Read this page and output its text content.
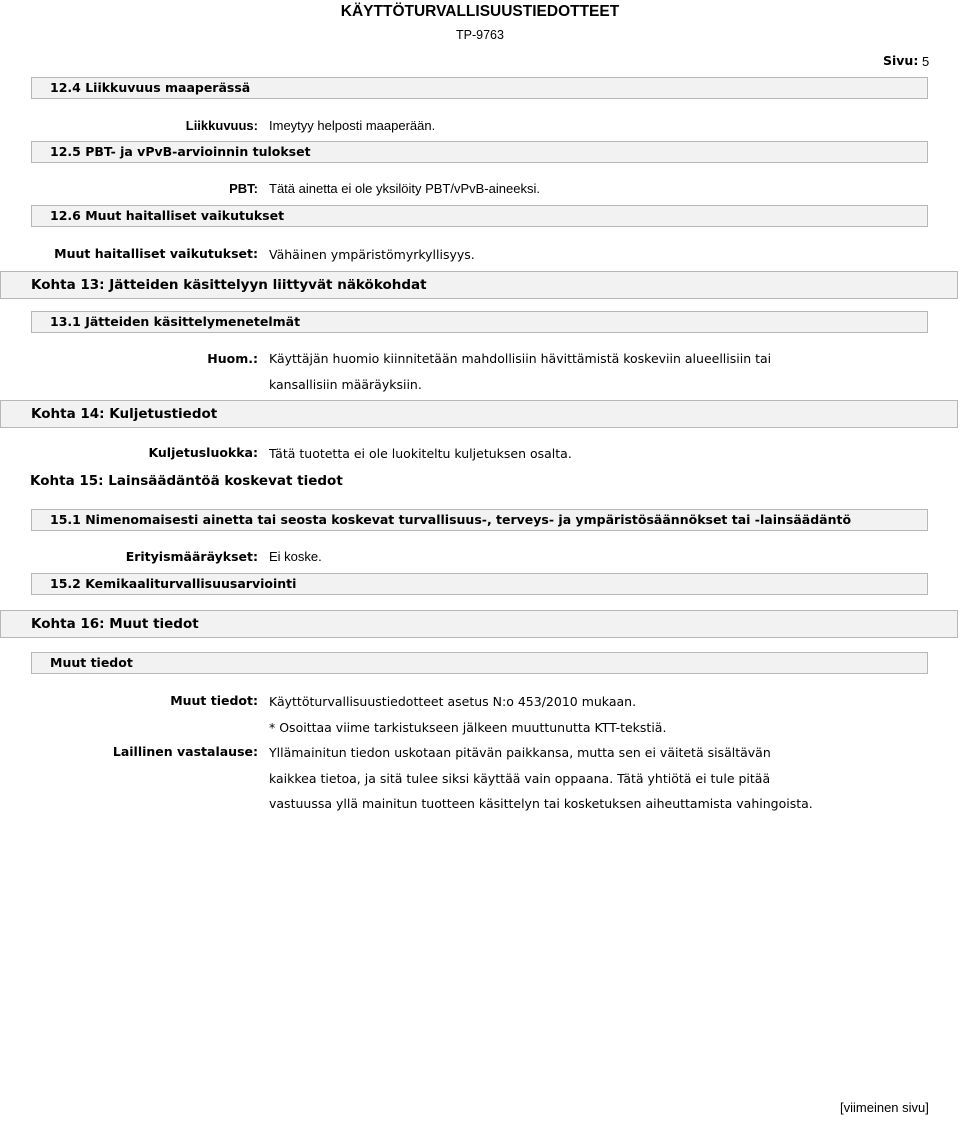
KÄYTTÖTURVALLISUUSTIEDOTTEET
TP-9763
Sivu: 5
12.4 Liikkuvuus maaperässä
Liikkuvuus: Imeytyy helposti maaperään.
12.5 PBT- ja vPvB-arvioinnin tulokset
PBT: Tätä ainetta ei ole yksilöity PBT/vPvB-aineeksi.
12.6 Muut haitalliset vaikutukset
Muut haitalliset vaikutukset: Vähäinen ympäristömyrkyllisyys.
Kohta 13: Jätteiden käsittelyyn liittyvät näkökohdat
13.1 Jätteiden käsittelymenetelmät
Huom.: Käyttäjän huomio kiinnitetään mahdollisiin hävittämistä koskeviin alueellisiin tai
kansallisiin määräyksiin.
Kohta 14: Kuljetustiedot
Kuljetusluokka: Tätä tuotetta ei ole luokiteltu kuljetuksen osalta.
Kohta 15: Lainsäädäntöä koskevat tiedot
15.1 Nimenomaisesti ainetta tai seosta koskevat turvallisuus-, terveys- ja ympäristösäännökset tai -lainsäädäntö
Erityismääräykset: Ei koske.
15.2 Kemikaaliturvallisuusarviointi
Kohta 16: Muut tiedot
Muut tiedot
Muut tiedot: Käyttöturvallisuustiedotteet asetus N:o 453/2010 mukaan.
* Osoittaa viime tarkistukseen jälkeen muuttunutta KTT-tekstiä.
Laillinen vastalause: Yllämainitun tiedon uskotaan pitävän paikkansa, mutta sen ei väitetä sisältävän
kaikkea tietoa, ja sitä tulee siksi käyttää vain oppaana. Tätä yhtiötä ei tule pitää
vastuussa yllä mainitun tuotteen käsittelyn tai kosketuksen aiheuttamista vahingoista.
[viimeinen sivu]
